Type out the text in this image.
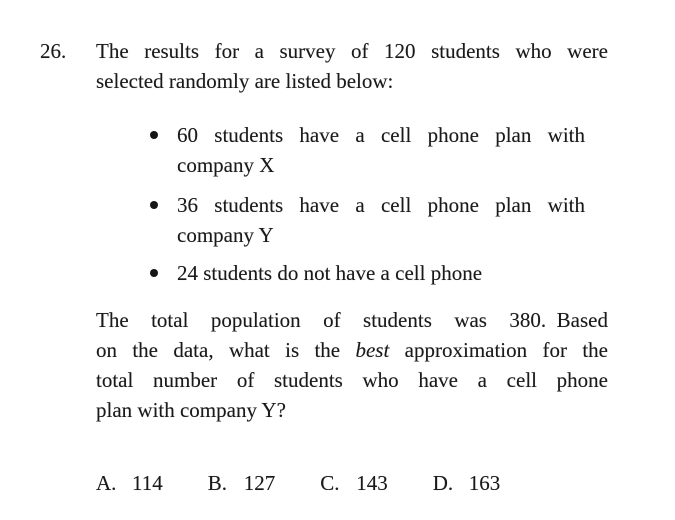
26. The results for a survey of 120 students who were
selected randomly are listed below:
60 students have a cell phone plan with
company X
36 students have a cell phone plan with
company Y
24 students do not have a cell phone
The total population of students was 380. Based
on the data, what is the best approximation for the
total number of students who have a cell phone
plan with company Y?
A. 114 B. 127 C. 143 D. 163
